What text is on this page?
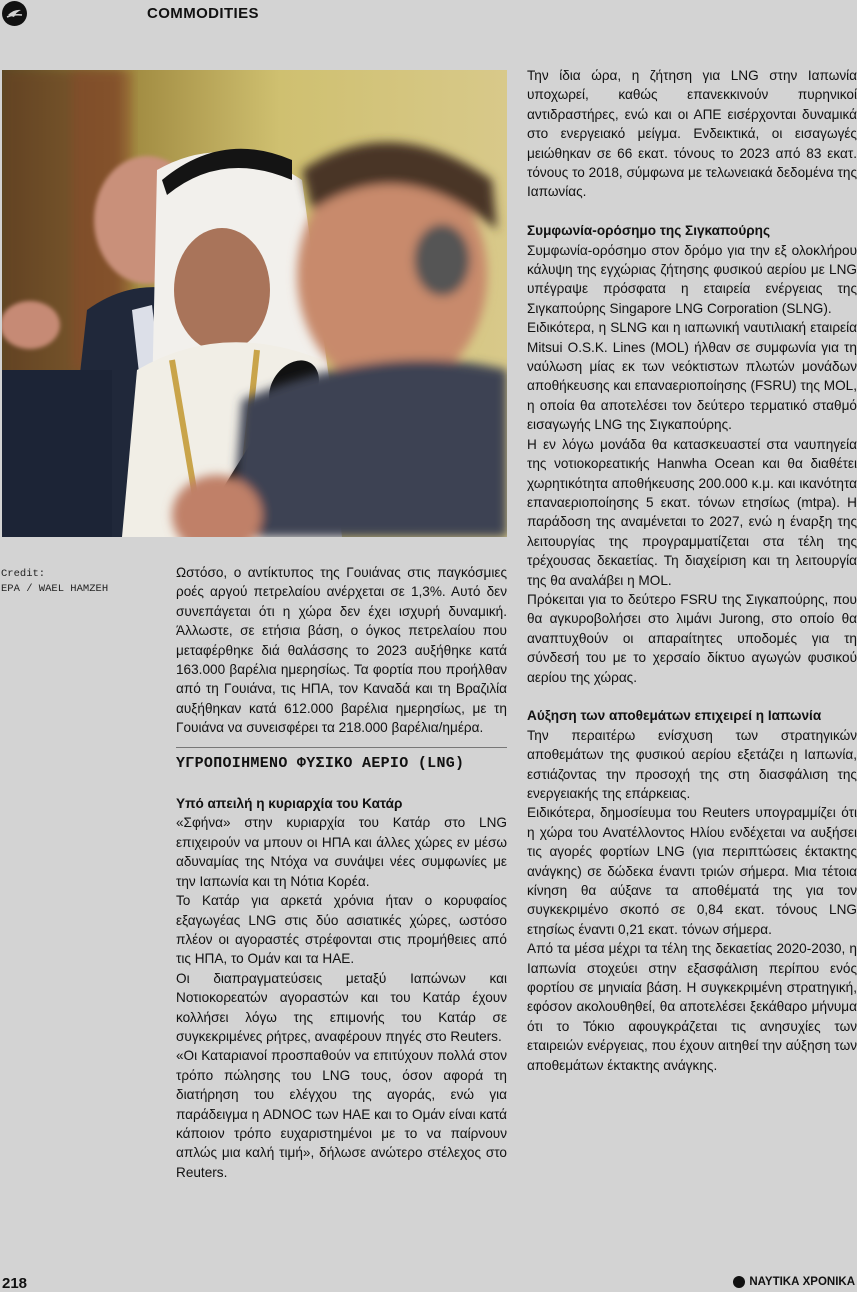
COMMODITIES
Credit:
EPA / WAEL HAMZEH

Ωστόσο, ο αντίκτυπος της Γουιάνας στις παγκόσμιες ροές αργού πετρελαίου ανέρχεται σε 1,3%. Αυτό δεν συνεπάγεται ότι η χώρα δεν έχει ισχυρή δυναμική. Άλλωστε, σε ετήσια βάση, ο όγκος πετρελαίου που μεταφέρθηκε διά θαλάσσης το 2023 αυξήθηκε κατά 163.000 βαρέλια ημερησίως. Τα φορτία που προήλθαν από τη Γουιάνα, τις ΗΠΑ, τον Καναδά και τη Βραζιλία αυξήθηκαν κατά 612.000 βαρέλια ημερησίως, με τη Γουιάνα να συνεισφέρει τα 218.000 βαρέλια/ημέρα.

ΥΓΡΟΠΟΙΗΜΕΝΟ ΦΥΣΙΚΟ ΑΕΡΙΟ (LNG)

Υπό απειλή η κυριαρχία του Κατάρ

«Σφήνα» στην κυριαρχία του Κατάρ στο LNG επιχειρούν να μπουν οι ΗΠΑ και άλλες χώρες εν μέσω αδυναμίας της Ντόχα να συνάψει νέες συμφωνίες με την Ιαπωνία και τη Νότια Κορέα.

Το Κατάρ για αρκετά χρόνια ήταν ο κορυφαίος εξαγωγέας LNG στις δύο ασιατικές χώρες, ωστόσο πλέον οι αγοραστές στρέφονται στις προμήθειες από τις ΗΠΑ, το Ομάν και τα ΗΑΕ.

Οι διαπραγματεύσεις μεταξύ Ιαπώνων και Νοτιοκορεατών αγοραστών και του Κατάρ έχουν κολλήσει λόγω της επιμονής του Κατάρ σε συγκεκριμένες ρήτρες, αναφέρουν πηγές στο Reuters.

«Οι Καταριανοί προσπαθούν να επιτύχουν πολλά στον τρόπο πώλησης του LNG τους, όσον αφορά τη διατήρηση του ελέγχου της αγοράς, ενώ για παράδειγμα η ADNOC των ΗΑΕ και το Ομάν είναι κατά κάποιον τρόπο ευχαριστημένοι με το να παίρνουν απλώς μια καλή τιμή», δήλωσε ανώτερο στέλεχος στο Reuters.

Την ίδια ώρα, η ζήτηση για LNG στην Ιαπωνία υποχωρεί, καθώς επανεκκινούν πυρηνικοί αντιδραστήρες, ενώ και οι ΑΠΕ εισέρχονται δυναμικά στο ενεργειακό μείγμα. Ενδεικτικά, οι εισαγωγές μειώθηκαν σε 66 εκατ. τόνους το 2023 από 83 εκατ. τόνους το 2018, σύμφωνα με τελωνειακά δεδομένα της Ιαπωνίας.

Συμφωνία-ορόσημο της Σιγκαπούρης

Συμφωνία-ορόσημο στον δρόμο για την εξ ολοκλήρου κάλυψη της εγχώριας ζήτησης φυσικού αερίου με LNG υπέγραψε πρόσφατα η εταιρεία ενέργειας της Σιγκαπούρης Singapore LNG Corporation (SLNG).

Ειδικότερα, η SLNG και η ιαπωνική ναυτιλιακή εταιρεία Mitsui O.S.K. Lines (MOL) ήλθαν σε συμφωνία για τη ναύλωση μίας εκ των νεόκτιστων πλωτών μονάδων αποθήκευσης και επαναεριοποίησης (FSRU) της MOL, η οποία θα αποτελέσει τον δεύτερο τερματικό σταθμό εισαγωγής LNG της Σιγκαπούρης.

Η εν λόγω μονάδα θα κατασκευαστεί στα ναυπηγεία της νοτιοκορεατικής Hanwha Ocean και θα διαθέτει χωρητικότητα αποθήκευσης 200.000 κ.μ. και ικανότητα επαναεριοποίησης 5 εκατ. τόνων ετησίως (mtpa). Η παράδοση της αναμένεται το 2027, ενώ η έναρξη της λειτουργίας της προγραμματίζεται στα τέλη της τρέχουσας δεκαετίας. Τη διαχείριση και τη λειτουργία της θα αναλάβει η MOL.

Πρόκειται για το δεύτερο FSRU της Σιγκαπούρης, που θα αγκυροβολήσει στο λιμάνι Jurong, στο οποίο θα αναπτυχθούν οι απαραίτητες υποδομές για τη σύνδεσή του με το χερσαίο δίκτυο αγωγών φυσικού αερίου της χώρας.

Αύξηση των αποθεμάτων επιχειρεί η Ιαπωνία

Την περαιτέρω ενίσχυση των στρατηγικών αποθεμάτων της φυσικού αερίου εξετάζει η Ιαπωνία, εστιάζοντας την προσοχή της στη διασφάλιση της ενεργειακής της επάρκειας.

Ειδικότερα, δημοσίευμα του Reuters υπογραμμίζει ότι η χώρα του Ανατέλλοντος Ηλίου ενδέχεται να αυξήσει τις αγορές φορτίων LNG (για περιπτώσεις έκτακτης ανάγκης) σε δώδεκα έναντι τριών σήμερα. Μια τέτοια κίνηση θα αύξανε τα αποθέματά της για τον συγκεκριμένο σκοπό σε 0,84 εκατ. τόνους LNG ετησίως έναντι 0,21 εκατ. τόνων σήμερα.

Από τα μέσα μέχρι τα τέλη της δεκαετίας 2020-2030, η Ιαπωνία στοχεύει στην εξασφάλιση περίπου ενός φορτίου σε μηνιαία βάση. Η συγκεκριμένη στρατηγική, εφόσον ακολουθηθεί, θα αποτελέσει ξεκάθαρο μήνυμα ότι το Τόκιο αφουγκράζεται τις ανησυχίες των εταιρειών ενέργειας, που έχουν αιτηθεί την αύξηση των αποθεμάτων έκτακτης ανάγκης.

218	ΝΑΥΤΙΚΑ ΧΡΟΝΙΚΑ
